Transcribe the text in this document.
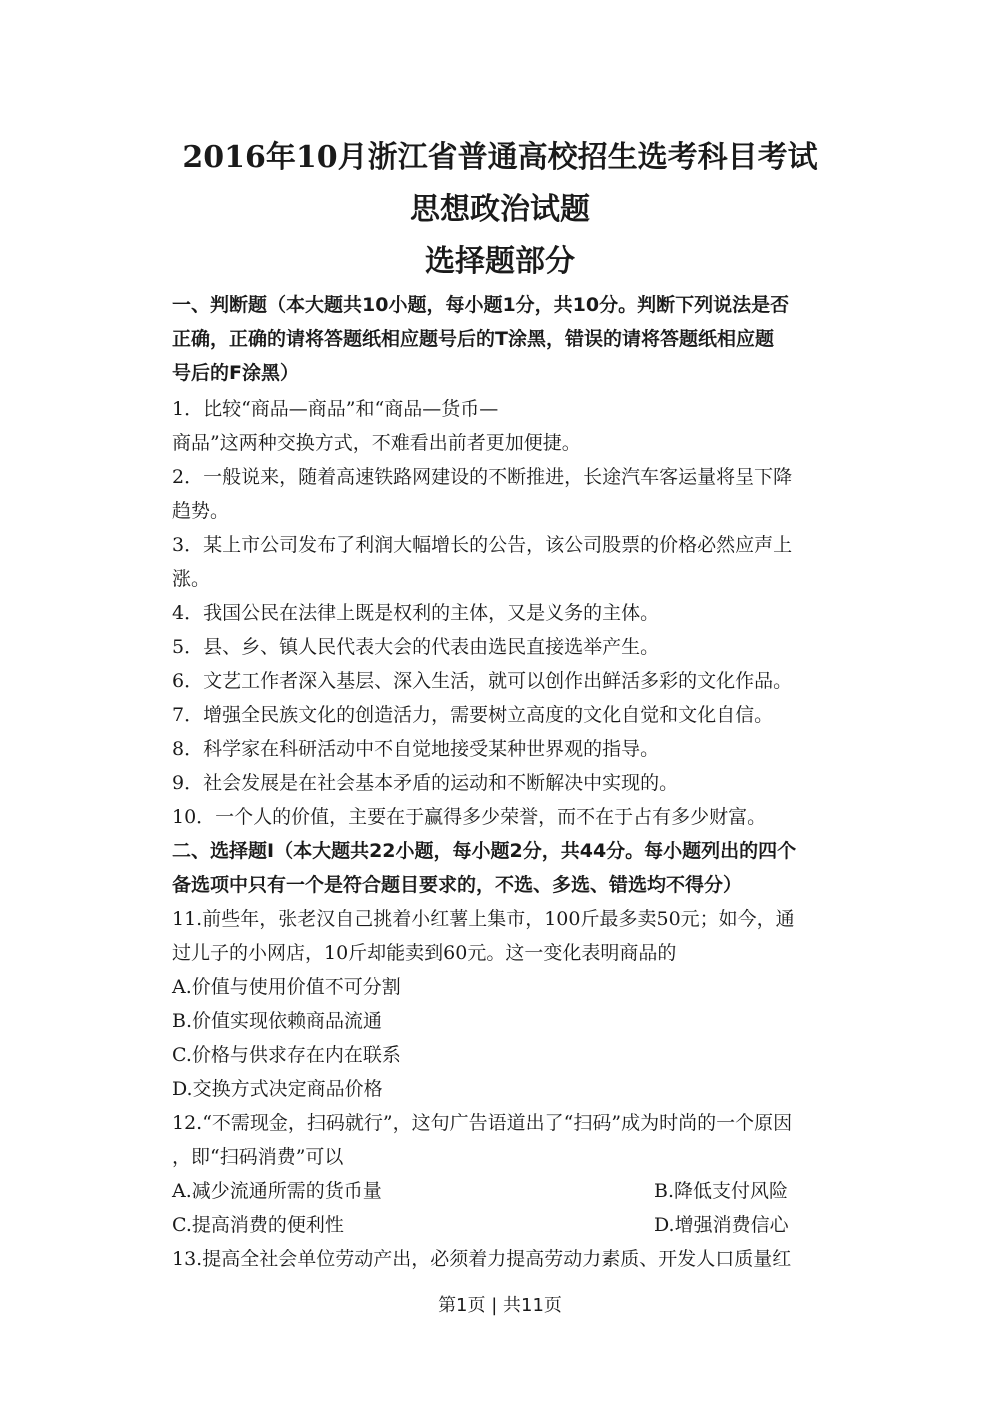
2016年10月浙江省普通高校招生选考科目考试
思想政治试题
选择题部分
一、判断题（本大题共10小题，每小题1分，共10分。判断下列说法是否
正确，正确的请将答题纸相应题号后的T涂黑，错误的请将答题纸相应题
号后的F涂黑）
1．比较“商品—商品”和“商品—货币—
商品”这两种交换方式，不难看出前者更加便捷。
2．一般说来，随着高速铁路网建设的不断推进，长途汽车客运量将呈下降
趋势。
3．某上市公司发布了利润大幅增长的公告，该公司股票的价格必然应声上
涨。
4．我国公民在法律上既是权利的主体，又是义务的主体。
5．县、乡、镇人民代表大会的代表由选民直接选举产生。
6．文艺工作者深入基层、深入生活，就可以创作出鲜活多彩的文化作品。
7．增强全民族文化的创造活力，需要树立高度的文化自觉和文化自信。
8．科学家在科研活动中不自觉地接受某种世界观的指导。
9．社会发展是在社会基本矛盾的运动和不断解决中实现的。
10．一个人的价值，主要在于赢得多少荣誉，而不在于占有多少财富。
二、选择题I（本大题共22小题，每小题2分，共44分。每小题列出的四个
备选项中只有一个是符合题目要求的，不选、多选、错选均不得分）
11.前些年，张老汉自己挑着小红薯上集市，100斤最多卖50元；如今，通
过儿子的小网店，10斤却能卖到60元。这一变化表明商品的
A.价值与使用价值不可分割
B.价值实现依赖商品流通
C.价格与供求存在内在联系
D.交换方式决定商品价格
12.“不需现金，扫码就行”，这句广告语道出了“扫码”成为时尚的一个原因
，即“扫码消费”可以
A.减少流通所需的货币量	B.降低支付风险
C.提高消费的便利性	D.增强消费信心
13.提高全社会单位劳动产出，必须着力提高劳动力素质、开发人口质量红
第1页 | 共11页
